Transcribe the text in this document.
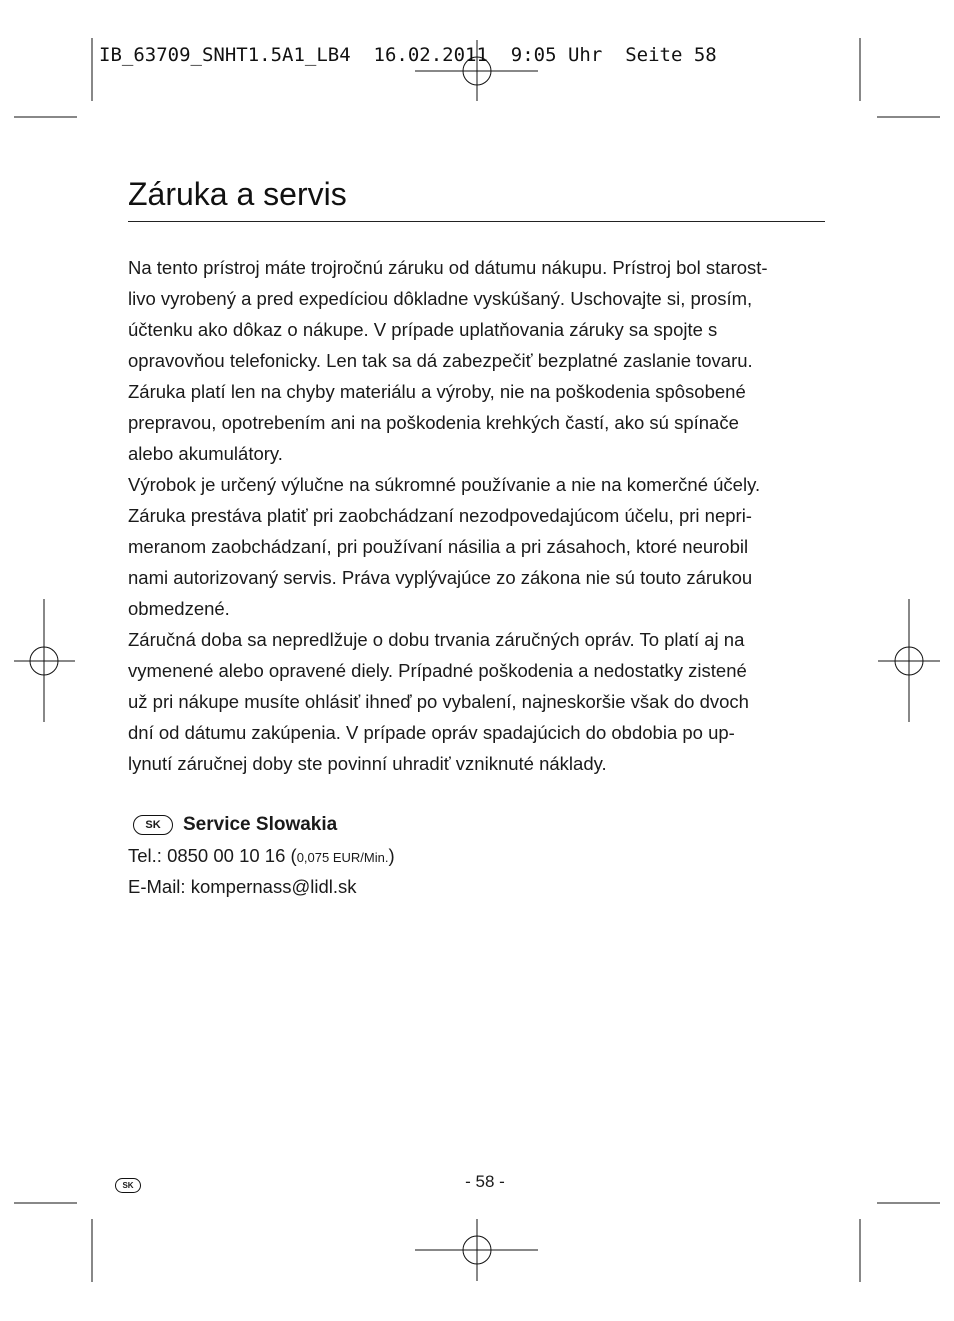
IB_63709_SNHT1.5A1_LB4  16.02.2011  9:05 Uhr  Seite 58
Záruka a servis
Na tento prístroj máte trojročnú záruku od dátumu nákupu. Prístroj bol starost-
livo vyrobený a pred expedíciou dôkladne vyskúšaný. Uschovajte si, prosím,
účtenku ako dôkaz o nákupe. V prípade uplatňovania záruky sa spojte s
opravovňou telefonicky. Len tak sa dá zabezpečiť bezplatné zaslanie tovaru.
Záruka platí len na chyby materiálu a výroby, nie na poškodenia spôsobené
prepravou, opotrebením ani na poškodenia krehkých častí, ako sú spínače
alebo akumulátory.
Výrobok je určený výlučne na súkromné používanie a nie na komerčné účely.
Záruka prestáva platiť pri zaobchádzaní nezodpovedajúcom účelu, pri nepri-
meranom zaobchádzaní, pri používaní násilia a pri zásahoch, ktoré neurobil
nami autorizovaný servis. Práva vyplývajúce zo zákona nie sú touto zárukou
obmedzené.
Záručná doba sa nepredlžuje o dobu trvania záručných opráv. To platí aj na
vymenené alebo opravené diely. Prípadné poškodenia a nedostatky zistené
už pri nákupe musíte ohlásiť ihneď po vybalení, najneskoršie však do dvoch
dní od dátumu zakúpenia. V prípade opráv spadajúcich do obdobia po up-
lynutí záručnej doby ste povinní uhradiť vzniknuté náklady.
SK	Service Slowakia
Tel.: 0850 00 10 16 (0,075 EUR/Min.)
E-Mail: kompernass@lidl.sk
SK	- 58 -
